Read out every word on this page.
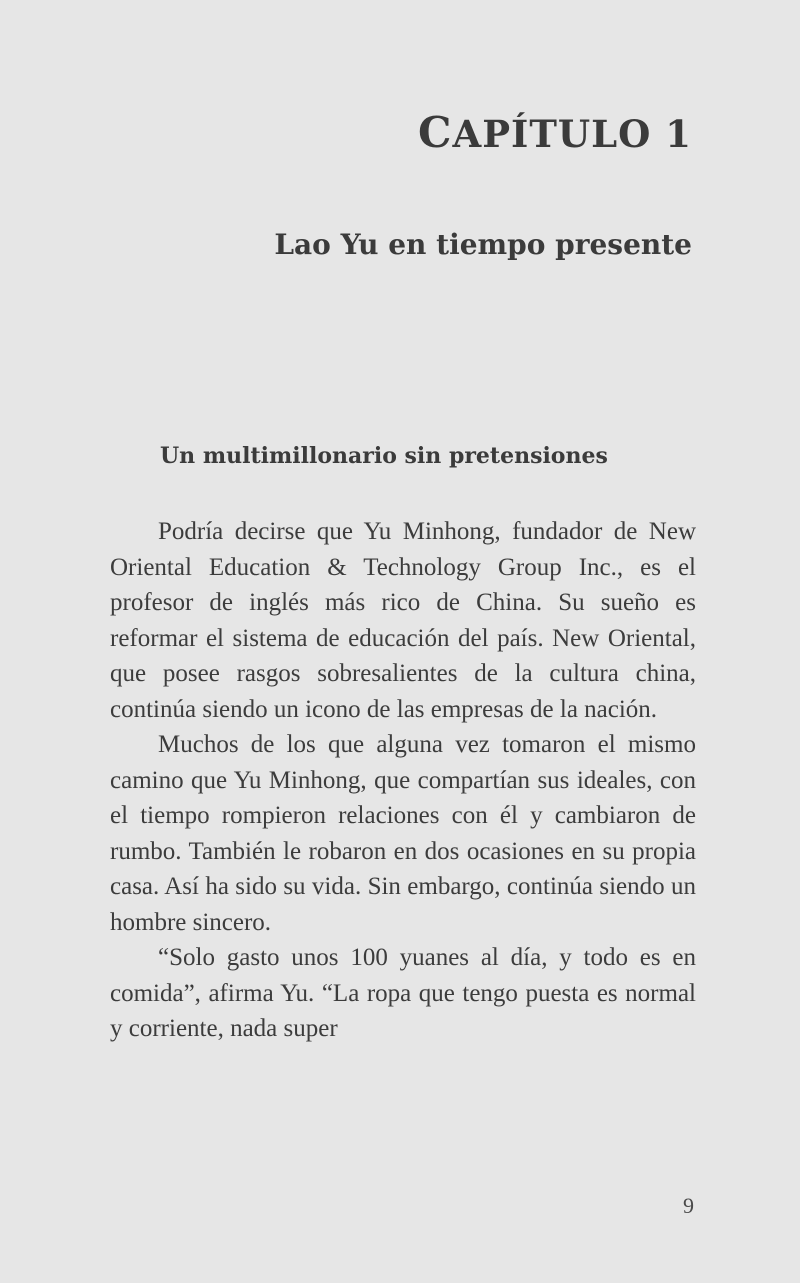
CAPÍTULO 1
Lao Yu en tiempo presente
Un multimillonario sin pretensiones

Podría decirse que Yu Minhong, fundador de New Oriental Education & Technology Group Inc., es el profesor de inglés más rico de China. Su sueño es reformar el sistema de educación del país. New Oriental, que posee rasgos sobresalientes de la cultura china, continúa siendo un icono de las empresas de la nación.

Muchos de los que alguna vez tomaron el mismo camino que Yu Minhong, que compartían sus ideales, con el tiempo rompieron relaciones con él y cambiaron de rumbo. También le robaron en dos ocasiones en su propia casa. Así ha sido su vida. Sin embargo, continúa siendo un hombre sincero.

“Solo gasto unos 100 yuanes al día, y todo es en comida”, afirma Yu. “La ropa que tengo puesta es normal y corriente, nada super

9
